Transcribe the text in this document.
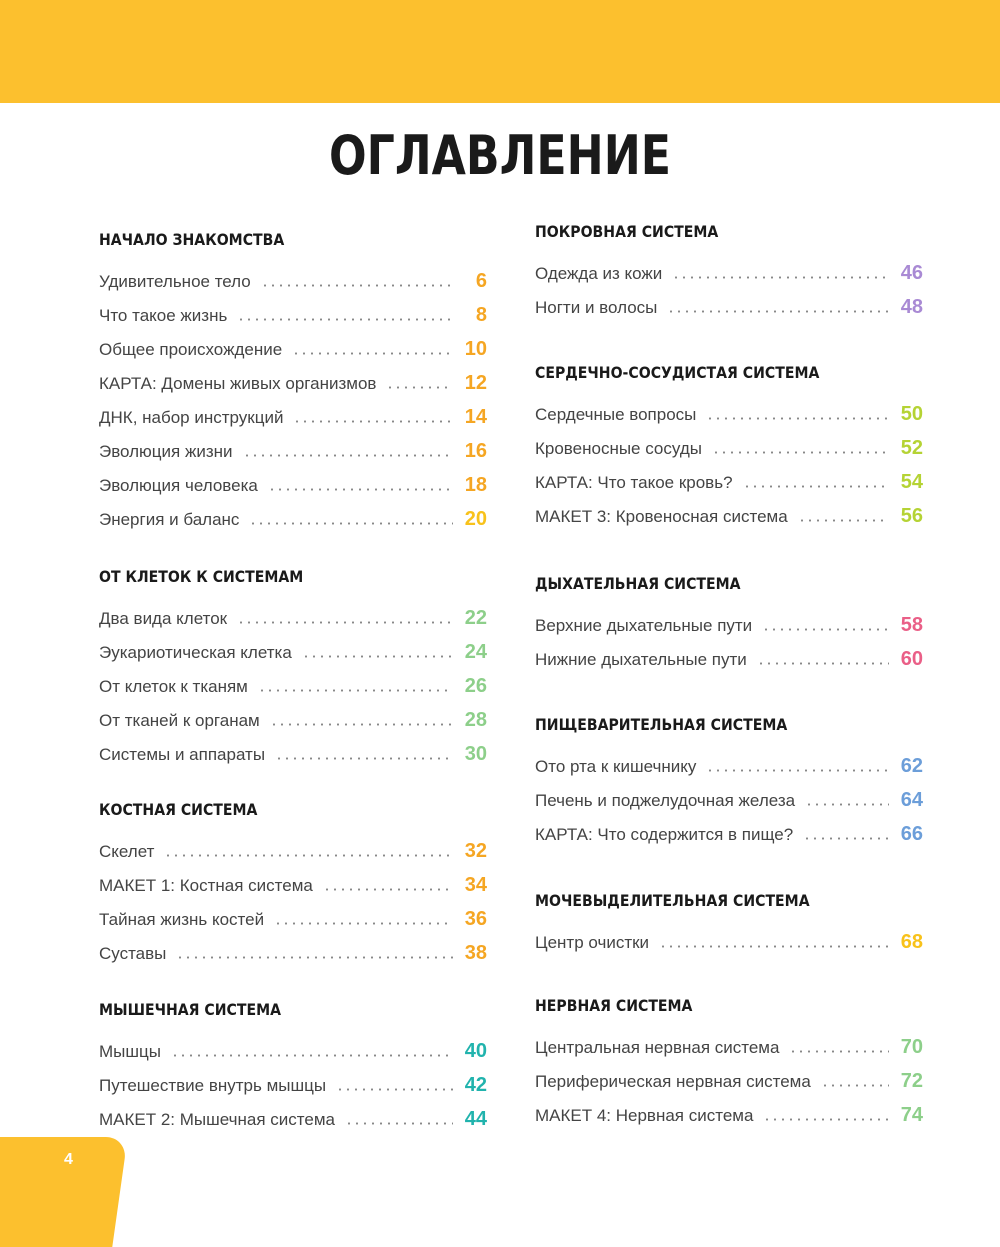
ОГЛАВЛЕНИЕ
НАЧАЛО ЗНАКОМСТВА
Удивительное тело	6
Что такое жизнь	8
Общее происхождение	10
КАРТА: Домены живых организмов	12
ДНК, набор инструкций	14
Эволюция жизни	16
Эволюция человека	18
Энергия и баланс	20
ОТ КЛЕТОК К СИСТЕМАМ
Два вида клеток	22
Эукариотическая клетка	24
От клеток к тканям	26
От тканей к органам	28
Системы и аппараты	30
КОСТНАЯ СИСТЕМА
Скелет	32
МАКЕТ 1: Костная система	34
Тайная жизнь костей	36
Суставы	38
МЫШЕЧНАЯ СИСТЕМА
Мышцы	40
Путешествие внутрь мышцы	42
МАКЕТ 2: Мышечная система	44
ПОКРОВНАЯ СИСТЕМА
Одежда из кожи	46
Ногти и волосы	48
СЕРДЕЧНО-СОСУДИСТАЯ СИСТЕМА
Сердечные вопросы	50
Кровеносные сосуды	52
КАРТА: Что такое кровь?	54
МАКЕТ 3: Кровеносная система	56
ДЫХАТЕЛЬНАЯ СИСТЕМА
Верхние дыхательные пути	58
Нижние дыхательные пути	60
ПИЩЕВАРИТЕЛЬНАЯ СИСТЕМА
Ото рта к кишечнику	62
Печень и поджелудочная железа	64
КАРТА: Что содержится в пище?	66
МОЧЕВЫДЕЛИТЕЛЬНАЯ СИСТЕМА
Центр очистки	68
НЕРВНАЯ СИСТЕМА
Центральная нервная система	70
Периферическая нервная система	72
МАКЕТ 4: Нервная система	74
4
